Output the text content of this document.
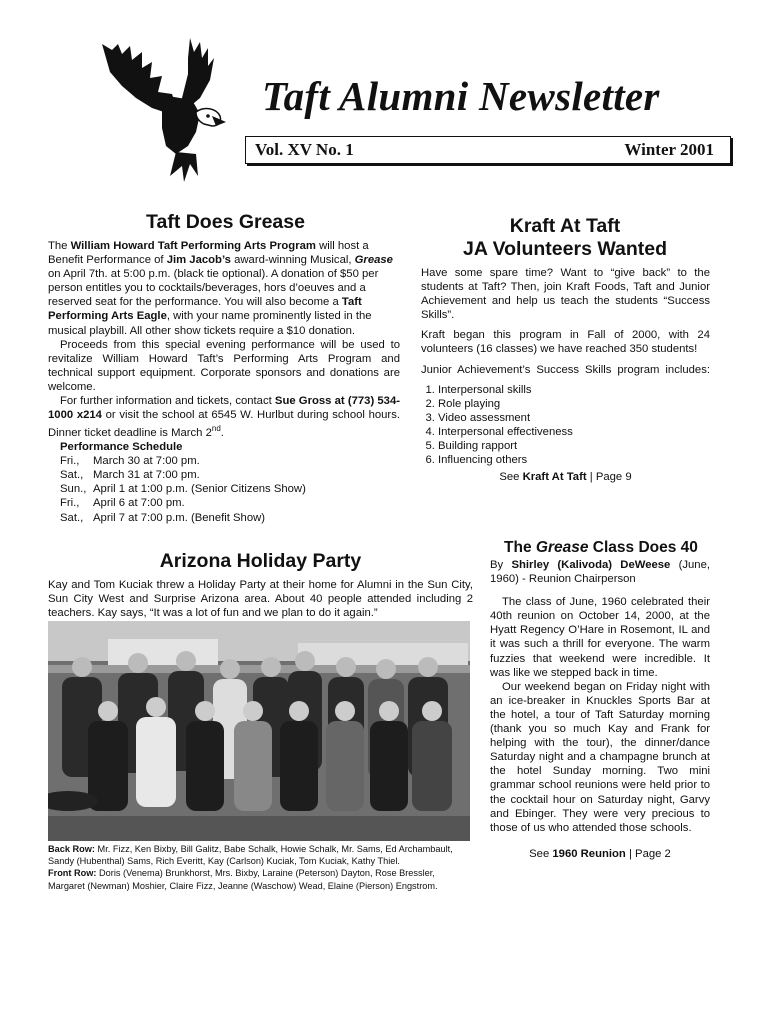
Taft Alumni Newsletter
Vol. XV No. 1	Winter 2001
Taft Does Grease

The William Howard Taft Performing Arts Program will host a Benefit Performance of Jim Jacob’s award-winning Musical, Grease on April 7th. at 5:00 p.m. (black tie optional). A donation of $50 per person entitles you to cocktails/beverages, hors d’oeuves and a reserved seat for the performance. You will also become a Taft Performing Arts Eagle, with your name prominently listed in the musical playbill. All other show tickets require a $10 donation.

Proceeds from this special evening performance will be used to revitalize William Howard Taft’s Performing Arts Program and technical support equipment. Corporate sponsors and donations are welcome.

For further information and tickets, contact Sue Gross at (773) 534-1000 x214 or visit the school at 6545 W. Hurlbut during school hours. Dinner ticket deadline is March 2nd.

Performance Schedule
Fri., March 30 at 7:00 pm.
Sat., March 31 at 7:00 pm.
Sun., April 1 at 1:00 p.m. (Senior Citizens Show)
Fri., April 6 at 7:00 pm.
Sat., April 7 at 7:00 p.m. (Benefit Show)
Arizona Holiday Party

Kay and Tom Kuciak threw a Holiday Party at their home for Alumni in the Sun City, Sun City West and Surprise Arizona area. About 40 people attended including 2 teachers. Kay says, “It was a lot of fun and we plan to do it again.”

Back Row: Mr. Fizz, Ken Bixby, Bill Galitz, Babe Schalk, Howie Schalk, Mr. Sams, Ed Archambault, Sandy (Hubenthal) Sams, Rich Everitt, Kay (Carlson) Kuciak, Tom Kuciak, Kathy Thiel.
Front Row: Doris (Venema) Brunkhorst, Mrs. Bixby, Laraine (Peterson) Dayton, Rose Bressler, Margaret (Newman) Moshier, Claire Fizz, Jeanne (Waschow) Wead, Elaine (Pierson) Engstrom.
Kraft At Taft
JA Volunteers Wanted

Have some spare time? Want to “give back” to the students at Taft? Then, join Kraft Foods, Taft and Junior Achievement and help us teach the students “Success Skills”.

Kraft began this program in Fall of 2000, with 24 volunteers (16 classes) we have reached 350 students!

Junior Achievement’s Success Skills program includes:

1. Interpersonal skills
2. Role playing
3. Video assessment
4. Interpersonal effectiveness
5. Building rapport
6. Influencing others

See Kraft At Taft | Page 9

The Grease Class Does 40

By Shirley (Kalivoda) DeWeese (June, 1960) - Reunion Chairperson

The class of June, 1960 celebrated their 40th reunion on October 14, 2000, at the Hyatt Regency O’Hare in Rosemont, IL and it was such a thrill for everyone. The warm fuzzies that weekend were incredible. It was like we stepped back in time.

Our weekend began on Friday night with an ice-breaker in Knuckles Sports Bar at the hotel, a tour of Taft Saturday morning (thank you so much Kay and Frank for helping with the tour), the dinner/dance Saturday night and a champagne brunch at the hotel Sunday morning. Two mini grammar school reunions were held prior to the cocktail hour on Saturday night, Garvy and Ebinger. They were very precious to those of us who attended those schools.

See 1960 Reunion | Page 2
